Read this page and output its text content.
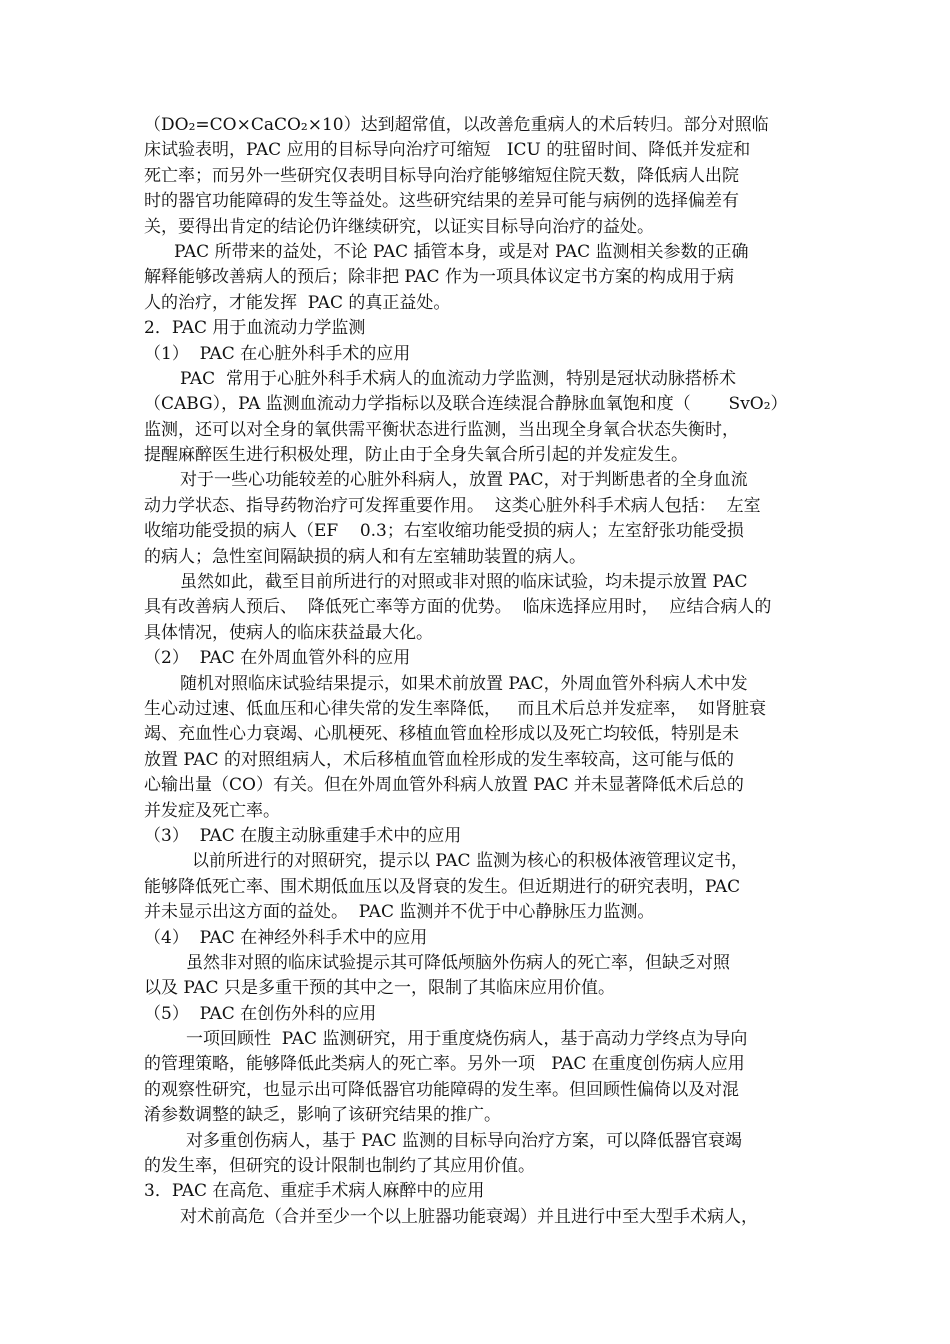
（DO₂=CO×CaCO₂×10）达到超常值，以改善危重病人的术后转归。部分对照临
床试验表明，PAC 应用的目标导向治疗可缩短   ICU 的驻留时间、降低并发症和
死亡率；而另外一些研究仅表明目标导向治疗能够缩短住院天数，降低病人出院
时的器官功能障碍的发生等益处。这些研究结果的差异可能与病例的选择偏差有
关，要得出肯定的结论仍许继续研究，以证实目标导向治疗的益处。
PAC 所带来的益处，不论 PAC 插管本身，或是对 PAC 监测相关参数的正确
解释能够改善病人的预后；除非把 PAC 作为一项具体议定书方案的构成用于病
人的治疗，才能发挥  PAC 的真正益处。
2．PAC 用于血流动力学监测
（1）  PAC 在心脏外科手术的应用
PAC  常用于心脏外科手术病人的血流动力学监测，特别是冠状动脉搭桥术
（CABG），PA 监测血流动力学指标以及联合连续混合静脉血氧饱和度（       SvO₂）
监测，还可以对全身的氧供需平衡状态进行监测，当出现全身氧合状态失衡时，
提醒麻醉医生进行积极处理，防止由于全身失氧合所引起的并发症发生。
对于一些心功能较差的心脏外科病人，放置 PAC，对于判断患者的全身血流
动力学状态、指导药物治疗可发挥重要作用。  这类心脏外科手术病人包括：  左室
收缩功能受损的病人（EF    0.3；右室收缩功能受损的病人；左室舒张功能受损
的病人；急性室间隔缺损的病人和有左室辅助装置的病人。
虽然如此，截至目前所进行的对照或非对照的临床试验，均未提示放置 PAC
具有改善病人预后、  降低死亡率等方面的优势。  临床选择应用时，  应结合病人的
具体情况，使病人的临床获益最大化。
（2）  PAC 在外周血管外科的应用
随机对照临床试验结果提示，如果术前放置 PAC，外周血管外科病人术中发
生心动过速、低血压和心律失常的发生率降低，   而且术后总并发症率，  如肾脏衰
竭、充血性心力衰竭、心肌梗死、移植血管血栓形成以及死亡均较低，特别是未
放置 PAC 的对照组病人，术后移植血管血栓形成的发生率较高，这可能与低的
心输出量（CO）有关。但在外周血管外科病人放置 PAC 并未显著降低术后总的
并发症及死亡率。
（3）  PAC 在腹主动脉重建手术中的应用
以前所进行的对照研究，提示以 PAC 监测为核心的积极体液管理议定书，
能够降低死亡率、围术期低血压以及肾衰的发生。但近期进行的研究表明，PAC
并未显示出这方面的益处。  PAC 监测并不优于中心静脉压力监测。
（4）  PAC 在神经外科手术中的应用
虽然非对照的临床试验提示其可降低颅脑外伤病人的死亡率，但缺乏对照
以及 PAC 只是多重干预的其中之一，限制了其临床应用价值。
（5）  PAC 在创伤外科的应用
一项回顾性  PAC 监测研究，用于重度烧伤病人，基于高动力学终点为导向
的管理策略，能够降低此类病人的死亡率。另外一项   PAC 在重度创伤病人应用
的观察性研究，也显示出可降低器官功能障碍的发生率。但回顾性偏倚以及对混
淆参数调整的缺乏，影响了该研究结果的推广。
对多重创伤病人，基于 PAC 监测的目标导向治疗方案，可以降低器官衰竭
的发生率，但研究的设计限制也制约了其应用价值。
3．PAC 在高危、重症手术病人麻醉中的应用
对术前高危（合并至少一个以上脏器功能衰竭）并且进行中至大型手术病人，
